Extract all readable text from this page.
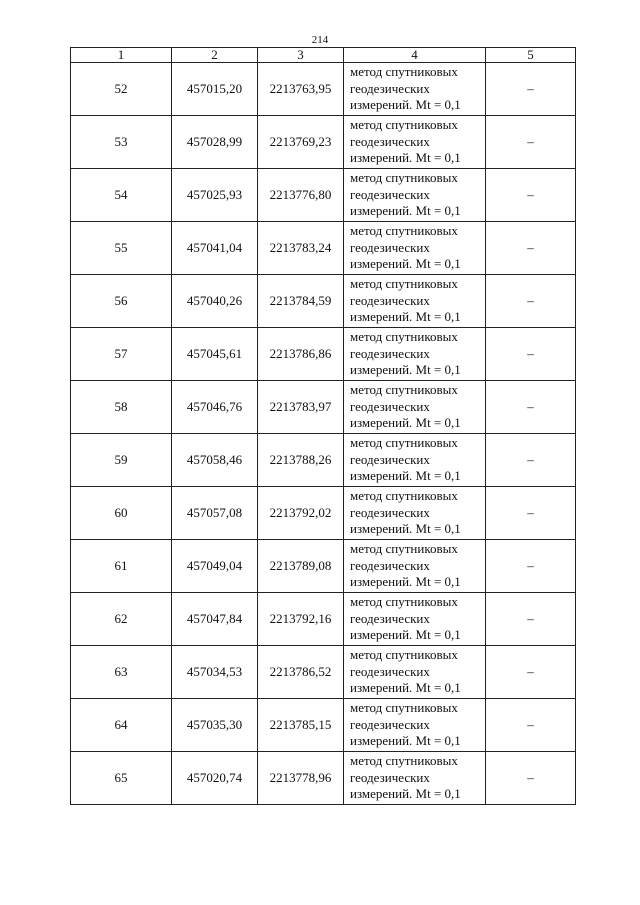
214
1	2	3	4	5
52	457015,20	2213763,95	метод спутниковых
геодезических
измерений. Mt = 0,1	–
53	457028,99	2213769,23	метод спутниковых
геодезических
измерений. Mt = 0,1	–
54	457025,93	2213776,80	метод спутниковых
геодезических
измерений. Mt = 0,1	–
55	457041,04	2213783,24	метод спутниковых
геодезических
измерений. Mt = 0,1	–
56	457040,26	2213784,59	метод спутниковых
геодезических
измерений. Mt = 0,1	–
57	457045,61	2213786,86	метод спутниковых
геодезических
измерений. Mt = 0,1	–
58	457046,76	2213783,97	метод спутниковых
геодезических
измерений. Mt = 0,1	–
59	457058,46	2213788,26	метод спутниковых
геодезических
измерений. Mt = 0,1	–
60	457057,08	2213792,02	метод спутниковых
геодезических
измерений. Mt = 0,1	–
61	457049,04	2213789,08	метод спутниковых
геодезических
измерений. Mt = 0,1	–
62	457047,84	2213792,16	метод спутниковых
геодезических
измерений. Mt = 0,1	–
63	457034,53	2213786,52	метод спутниковых
геодезических
измерений. Mt = 0,1	–
64	457035,30	2213785,15	метод спутниковых
геодезических
измерений. Mt = 0,1	–
65	457020,74	2213778,96	метод спутниковых
геодезических
измерений. Mt = 0,1	–
